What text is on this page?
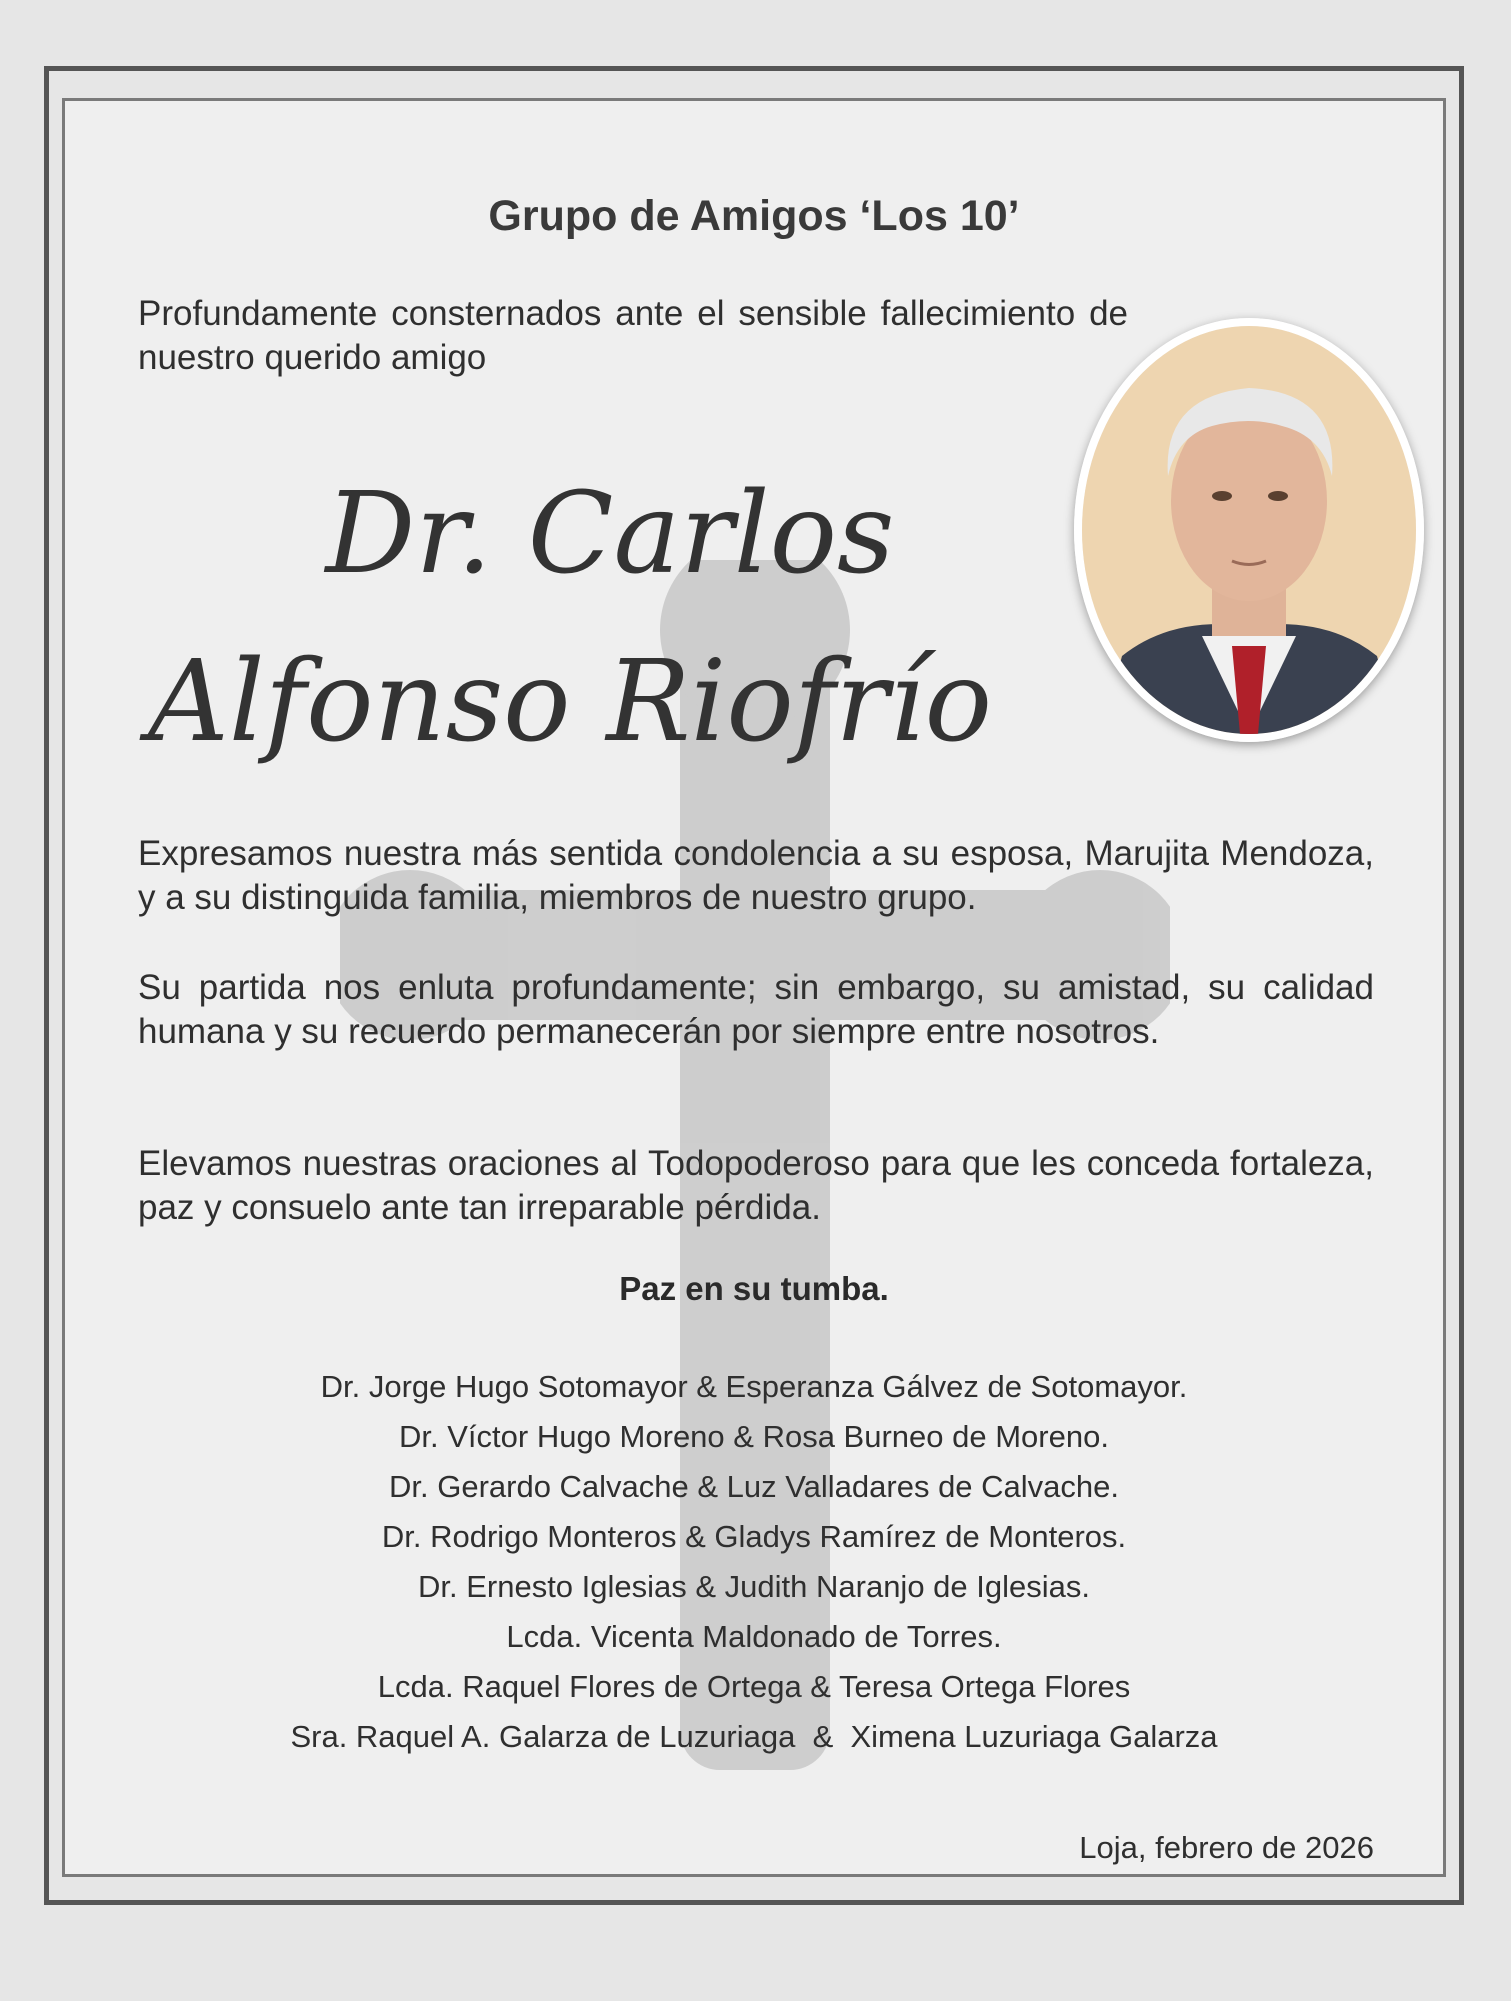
Grupo de Amigos ‘Los 10’
Profundamente consternados ante el sensible fallecimiento de nuestro querido amigo
Dr. Carlos
Alfonso Riofrío
Expresamos nuestra más sentida condolencia a su esposa, Marujita Mendoza, y a su distinguida familia, miembros de nuestro grupo.
Su partida nos enluta profundamente; sin embargo, su amistad, su calidad humana y su recuerdo permanecerán por siempre entre nosotros.
Elevamos nuestras oraciones al Todopoderoso para que les conceda fortaleza, paz y consuelo ante tan irreparable pérdida.
Paz en su tumba.
Dr. Jorge Hugo Sotomayor & Esperanza Gálvez de Sotomayor.
Dr. Víctor Hugo Moreno & Rosa Burneo de Moreno.
Dr. Gerardo Calvache & Luz Valladares de Calvache.
Dr. Rodrigo Monteros & Gladys Ramírez de Monteros.
Dr. Ernesto Iglesias & Judith Naranjo de Iglesias.
Lcda. Vicenta Maldonado de Torres.
Lcda. Raquel Flores de Ortega & Teresa Ortega Flores
Sra. Raquel A. Galarza de Luzuriaga  &  Ximena Luzuriaga Galarza
Loja, febrero de 2026
